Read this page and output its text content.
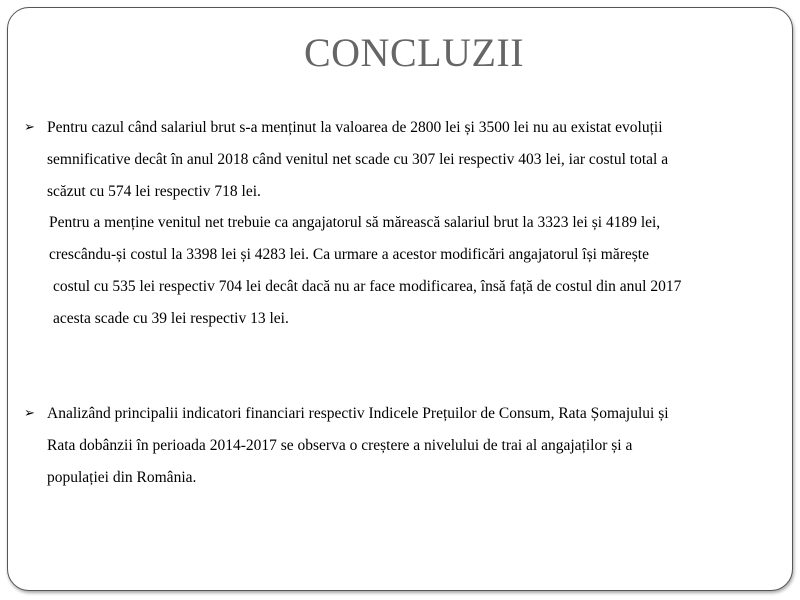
CONCLUZII
➢ Pentru cazul când salariul brut s-a menținut la valoarea de 2800 lei și 3500 lei nu au existat evoluții
semnificative decât în anul 2018 când venitul net scade cu 307 lei respectiv 403 lei, iar costul total a
scăzut cu 574 lei respectiv 718 lei.
Pentru a menține venitul net trebuie ca angajatorul să mărească salariul brut la 3323 lei și 4189 lei,
crescându-și costul la 3398 lei și 4283 lei. Ca urmare a acestor modificări angajatorul își mărește
costul cu 535 lei respectiv 704 lei decât dacă nu ar face modificarea, însă față de costul din anul 2017
acesta scade cu 39 lei respectiv 13 lei.
➢ Analizând principalii indicatori financiari respectiv Indicele Prețuilor de Consum, Rata Șomajului și
Rata dobânzii în perioada 2014-2017 se observa o creștere a nivelului de trai al angajaților și a
populației din România.
